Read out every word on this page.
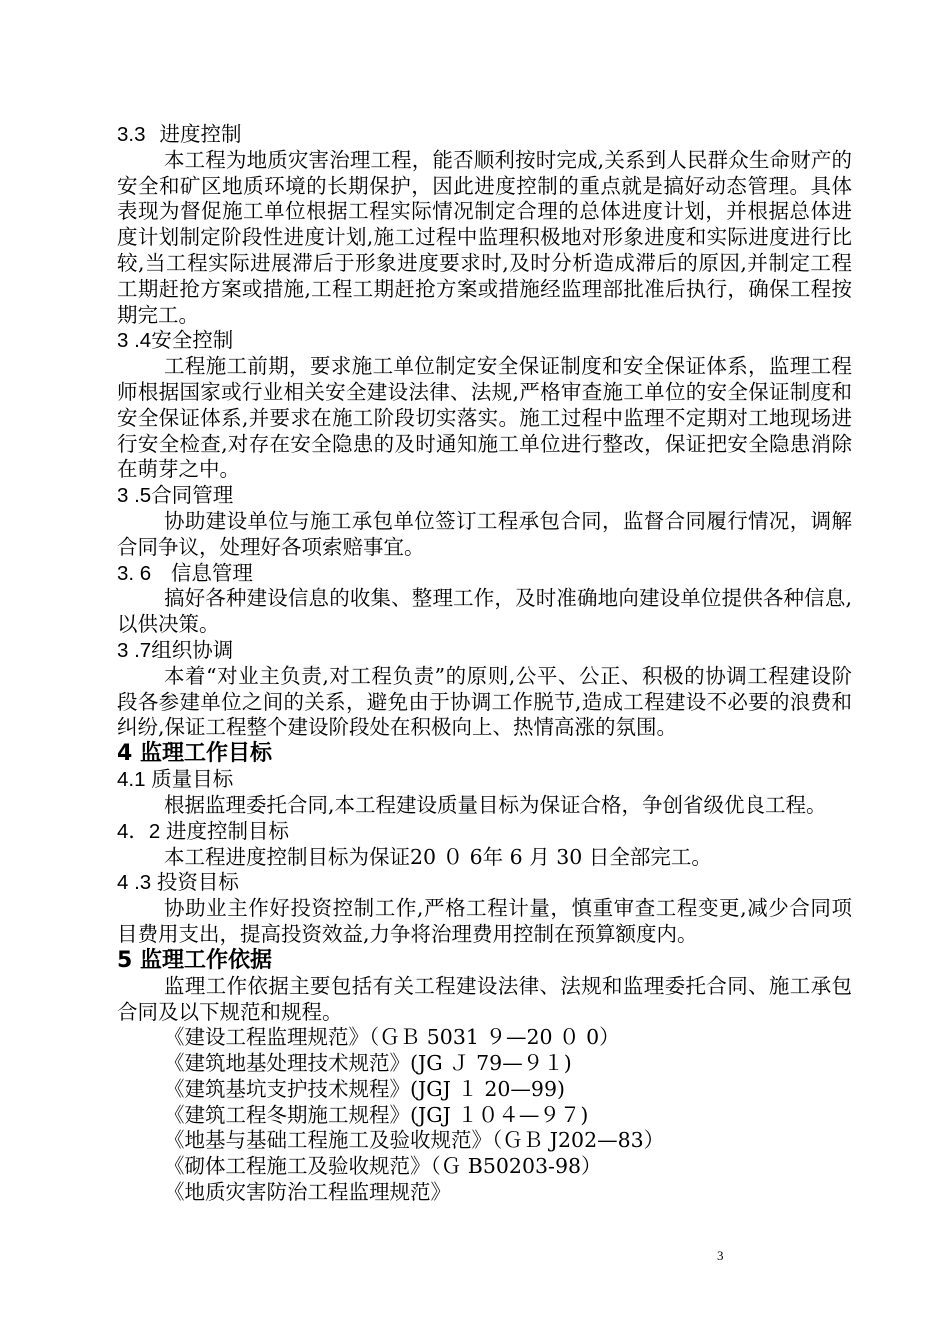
3.3 进度控制

本工程为地质灾害治理工程，能否顺利按时完成,关系到人民群众生命财产的安全和矿区地质环境的长期保护，因此进度控制的重点就是搞好动态管理。具体表现为督促施工单位根据工程实际情况制定合理的总体进度计划，并根据总体进度计划制定阶段性进度计划,施工过程中监理积极地对形象进度和实际进度进行比较,当工程实际进展滞后于形象进度要求时,及时分析造成滞后的原因,并制定工程工期赶抢方案或措施,工程工期赶抢方案或措施经监理部批准后执行，确保工程按期完工。

3 .4安全控制

工程施工前期，要求施工单位制定安全保证制度和安全保证体系，监理工程师根据国家或行业相关安全建设法律、法规,严格审查施工单位的安全保证制度和安全保证体系,并要求在施工阶段切实落实。施工过程中监理不定期对工地现场进行安全检查,对存在安全隐患的及时通知施工单位进行整改，保证把安全隐患消除在萌芽之中。

3 .5合同管理

协助建设单位与施工承包单位签订工程承包合同，监督合同履行情况，调解合同争议，处理好各项索赔事宜。

3. 6 信息管理

搞好各种建设信息的收集、整理工作，及时准确地向建设单位提供各种信息,以供决策。

3 .7组织协调

本着“对业主负责,对工程负责”的原则,公平、公正、积极的协调工程建设阶段各参建单位之间的关系，避免由于协调工作脱节,造成工程建设不必要的浪费和纠纷,保证工程整个建设阶段处在积极向上、热情高涨的氛围。

4 监理工作目标
4.1 质量目标

根据监理委托合同,本工程建设质量目标为保证合格，争创省级优良工程。

4．2 进度控制目标

本工程进度控制目标为保证20 ０ 6年 6 月 30 日全部完工。

4 .3 投资目标

协助业主作好投资控制工作,严格工程计量，慎重审查工程变更,减少合同项目费用支出，提高投资效益,力争将治理费用控制在预算额度内。

5 监理工作依据

监理工作依据主要包括有关工程建设法律、法规和监理委托合同、施工承包合同及以下规范和规程。

《建设工程监理规范》（ＧＢ 5031 ９—20 ０ 0）
《建筑地基处理技术规范》(JG Ｊ 79—９１)
《建筑基坑支护技术规程》(JGJ １ 20—99)
《建筑工程冬期施工规程》(JGJ １０４—９７)
《地基与基础工程施工及验收规范》（ＧＢ J202—83）
《砌体工程施工及验收规范》（Ｇ B50203-98）
《地质灾害防治工程监理规范》
3
